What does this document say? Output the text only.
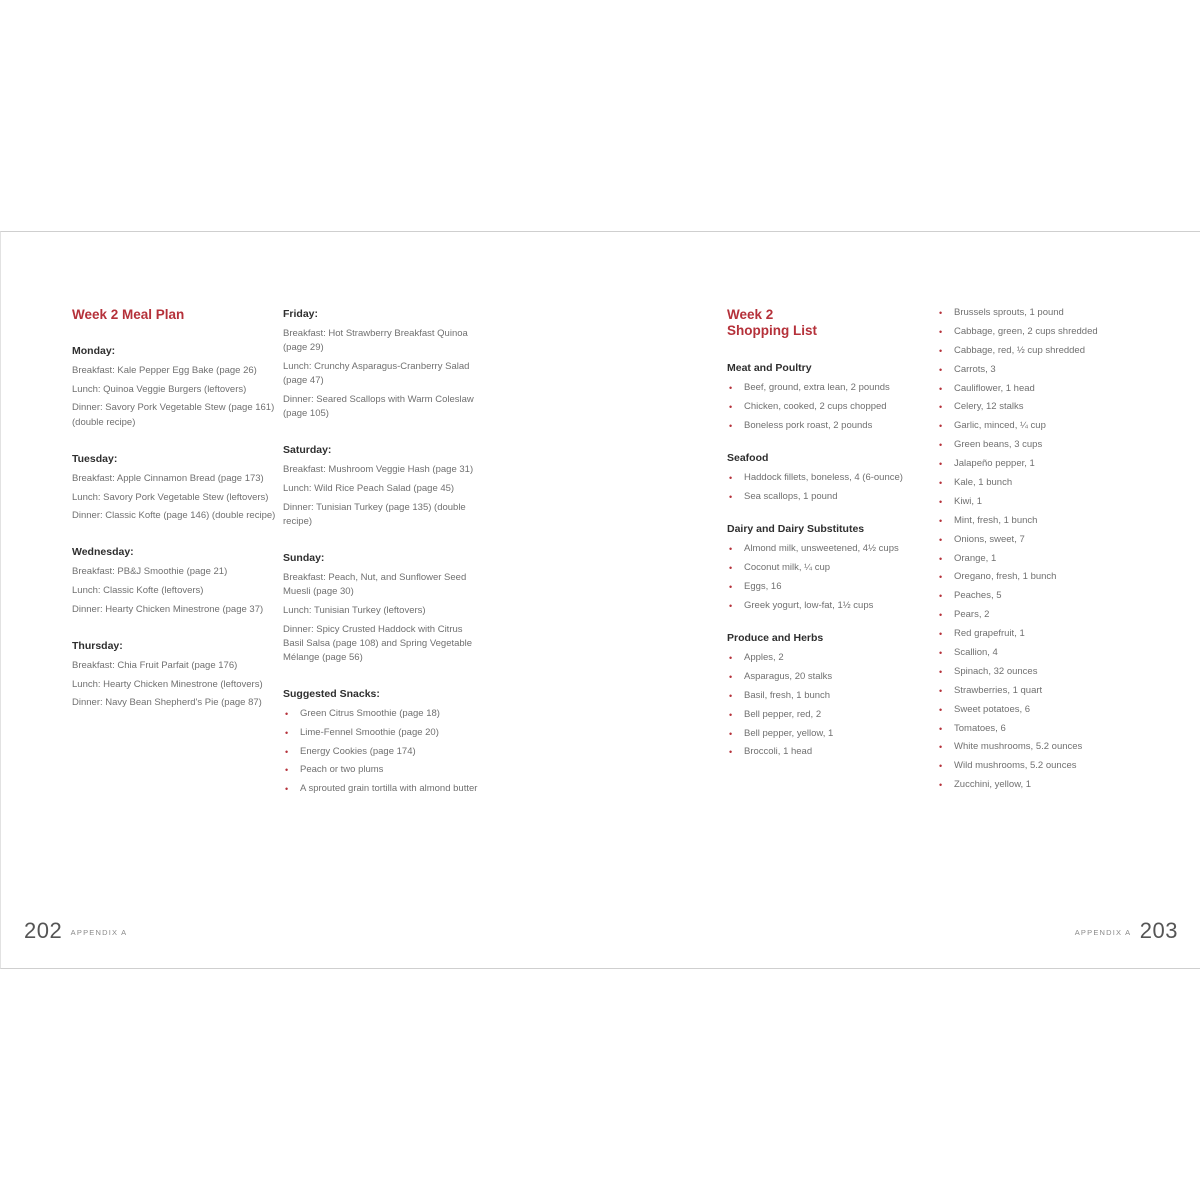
Week 2 Meal Plan
Monday:
Breakfast: Kale Pepper Egg Bake (page 26)
Lunch: Quinoa Veggie Burgers (leftovers)
Dinner: Savory Pork Vegetable Stew (page 161) (double recipe)
Tuesday:
Breakfast: Apple Cinnamon Bread (page 173)
Lunch: Savory Pork Vegetable Stew (leftovers)
Dinner: Classic Kofte (page 146) (double recipe)
Wednesday:
Breakfast: PB&J Smoothie (page 21)
Lunch: Classic Kofte (leftovers)
Dinner: Hearty Chicken Minestrone (page 37)
Thursday:
Breakfast: Chia Fruit Parfait (page 176)
Lunch: Hearty Chicken Minestrone (leftovers)
Dinner: Navy Bean Shepherd's Pie (page 87)
Friday:
Breakfast: Hot Strawberry Breakfast Quinoa (page 29)
Lunch: Crunchy Asparagus-Cranberry Salad (page 47)
Dinner: Seared Scallops with Warm Coleslaw (page 105)
Saturday:
Breakfast: Mushroom Veggie Hash (page 31)
Lunch: Wild Rice Peach Salad (page 45)
Dinner: Tunisian Turkey (page 135) (double recipe)
Sunday:
Breakfast: Peach, Nut, and Sunflower Seed Muesli (page 30)
Lunch: Tunisian Turkey (leftovers)
Dinner: Spicy Crusted Haddock with Citrus Basil Salsa (page 108) and Spring Vegetable Mélange (page 56)
Suggested Snacks:
• Green Citrus Smoothie (page 18)
• Lime-Fennel Smoothie (page 20)
• Energy Cookies (page 174)
• Peach or two plums
• A sprouted grain tortilla with almond butter
Week 2
Shopping List
Meat and Poultry
• Beef, ground, extra lean, 2 pounds
• Chicken, cooked, 2 cups chopped
• Boneless pork roast, 2 pounds
Seafood
• Haddock fillets, boneless, 4 (6-ounce)
• Sea scallops, 1 pound
Dairy and Dairy Substitutes
• Almond milk, unsweetened, 4½ cups
• Coconut milk, ¼ cup
• Eggs, 16
• Greek yogurt, low-fat, 1½ cups
Produce and Herbs
• Apples, 2
• Asparagus, 20 stalks
• Basil, fresh, 1 bunch
• Bell pepper, red, 2
• Bell pepper, yellow, 1
• Broccoli, 1 head
• Brussels sprouts, 1 pound
• Cabbage, green, 2 cups shredded
• Cabbage, red, ½ cup shredded
• Carrots, 3
• Cauliflower, 1 head
• Celery, 12 stalks
• Garlic, minced, ¼ cup
• Green beans, 3 cups
• Jalapeño pepper, 1
• Kale, 1 bunch
• Kiwi, 1
• Mint, fresh, 1 bunch
• Onions, sweet, 7
• Orange, 1
• Oregano, fresh, 1 bunch
• Peaches, 5
• Pears, 2
• Red grapefruit, 1
• Scallion, 4
• Spinach, 32 ounces
• Strawberries, 1 quart
• Sweet potatoes, 6
• Tomatoes, 6
• White mushrooms, 5.2 ounces
• Wild mushrooms, 5.2 ounces
• Zucchini, yellow, 1
202 APPENDIX A	APPENDIX A 203
